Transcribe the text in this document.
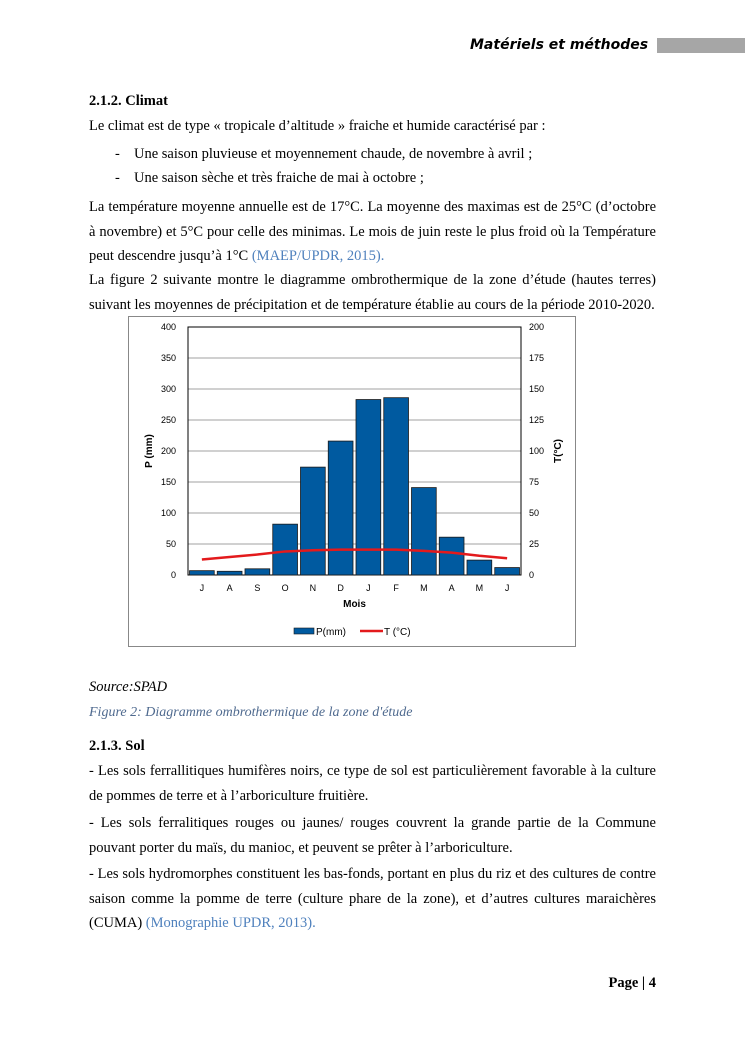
Matériels et méthodes
2.1.2. Climat
Le climat est de type « tropicale d’altitude » fraiche et humide caractérisé par :
- Une saison pluvieuse et moyennement chaude, de novembre à avril ;
- Une saison sèche et très fraiche de mai à octobre ;
La température moyenne annuelle est de 17°C. La moyenne des maximas est de 25°C (d’octobre à novembre) et 5°C pour celle des minimas. Le mois de juin reste le plus froid où la Température peut descendre jusqu’à 1°C (MAEP/UPDR, 2015).
La figure 2 suivante montre le diagramme ombrothermique de la zone d’étude (hautes terres) suivant les moyennes de précipitation et de température établie au cours de la période 2010-2020.
0	0
50	25
100	50
150	75
200	100
250	125
300	150
350	175
400	200
J A S O N D J	F M A M J
Mois
P (mm)	T(°C)
P(mm)	T (°C)
Source:SPAD
Figure 2: Diagramme ombrothermique de la zone d'étude
2.1.3. Sol
- Les sols ferrallitiques humifères noirs, ce type de sol est particulièrement favorable à la culture de pommes de terre et à l’arboriculture fruitière.
- Les sols ferralitiques rouges ou jaunes/ rouges couvrent la grande partie de la Commune pouvant porter du maïs, du manioc, et peuvent se prêter à l’arboriculture.
- Les sols hydromorphes constituent les bas-fonds, portant en plus du riz et des cultures de contre saison comme la pomme de terre (culture phare de la zone), et d’autres cultures maraichères (CUMA) (Monographie UPDR, 2013).
Page | 4
